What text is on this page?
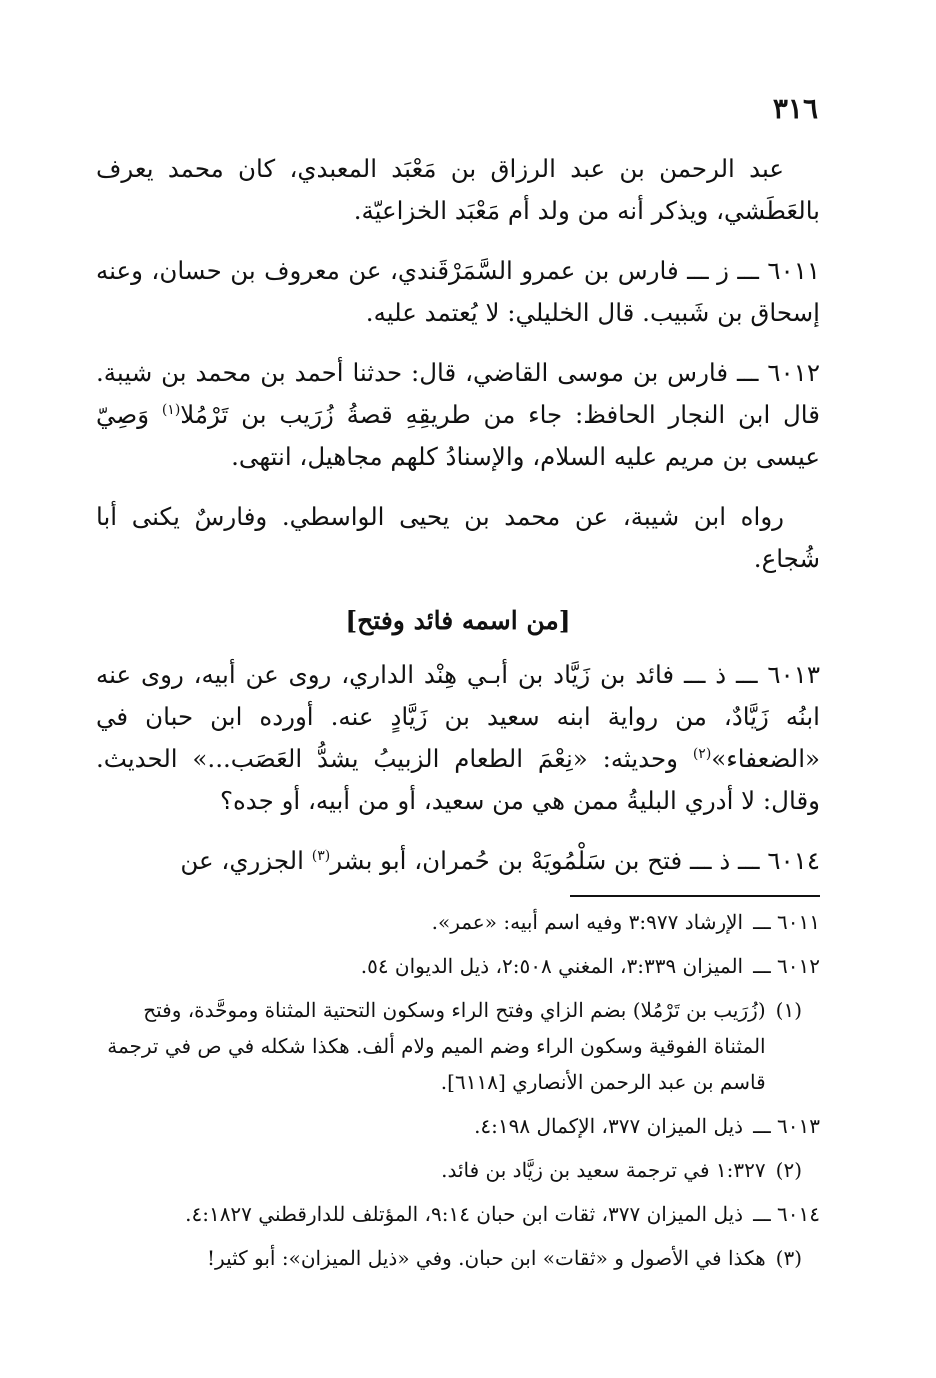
٣١٦

عبد الرحمن بن عبد الرزاق بن مَعْبَد المعبدي، كان محمد يعرف بالعَطَشي، ويذكر أنه من ولد أم مَعْبَد الخزاعيّة.

٦٠١١ ـــ ز ـــ فارس بن عمرو السَّمَرْقَندي، عن معروف بن حسان، وعنه إسحاق بن شَبيب. قال الخليلي: لا يُعتمد عليه.

٦٠١٢ ـــ فارس بن موسى القاضي، قال: حدثنا أحمد بن محمد بن شيبة. قال ابن النجار الحافظ: جاء من طريقِهِ قصةُ زُرَيب بن تَرْمُلا$^{(١)}$ وَصِيّ عيسى بن مريم عليه السلام، والإسنادُ كلهم مجاهيل، انتهى.

رواه ابن شيبة، عن محمد بن يحيى الواسطي. وفارسٌ يكنى أبا شُجاع.

[من اسمه فائد وفتح]

٦٠١٣ ـــ ذ ـــ فائد بن زَيَّاد بن أبـي هِنْد الداري، روى عن أبيه، روى عنه ابنُه زَيَّادٌ، من رواية ابنه سعيد بن زَيَّادٍ عنه. أورده ابن حبان في «الضعفاء»$^{(٢)}$ وحديثه: «نِعْمَ الطعام الزبيبُ يشدُّ العَصَب...» الحديث. وقال: لا أدري البليةُ ممن هي من سعيد، أو من أبيه، أو جده؟

٦٠١٤ ـــ ذ ـــ فتح بن سَلْمُويَهْ بن حُمران، أبو بشر$^{(٣)}$ الجزري، عن

٦٠١١ ـــ
الإرشاد ٣:٩٧٧ وفيه اسم أبيه: «عمر».
٦٠١٢ ـــ
الميزان ٣:٣٣٩، المغني ٢:٥٠٨، ذيل الديوان ٥٤.
(١)
(زُرَيب بن تَرْمُلا) بضم الزاي وفتح الراء وسكون التحتية المثناة وموحَّدة، وفتح المثناة الفوقية وسكون الراء وضم الميم ولام ألف. هكذا شكله في ص في ترجمة قاسم بن عبد الرحمن الأنصاري [٦١١٨].
٦٠١٣ ـــ
ذيل الميزان ٣٧٧، الإكمال ٤:١٩٨.
(٢)
١:٣٢٧ في ترجمة سعيد بن زيَّاد بن فائد.
٦٠١٤ ـــ
ذيل الميزان ٣٧٧، ثقات ابن حبان ٩:١٤، المؤتلف للدارقطني ٤:١٨٢٧.
(٣)
هكذا في الأصول و «ثقات» ابن حبان. وفي «ذيل الميزان»: أبو كثير!
